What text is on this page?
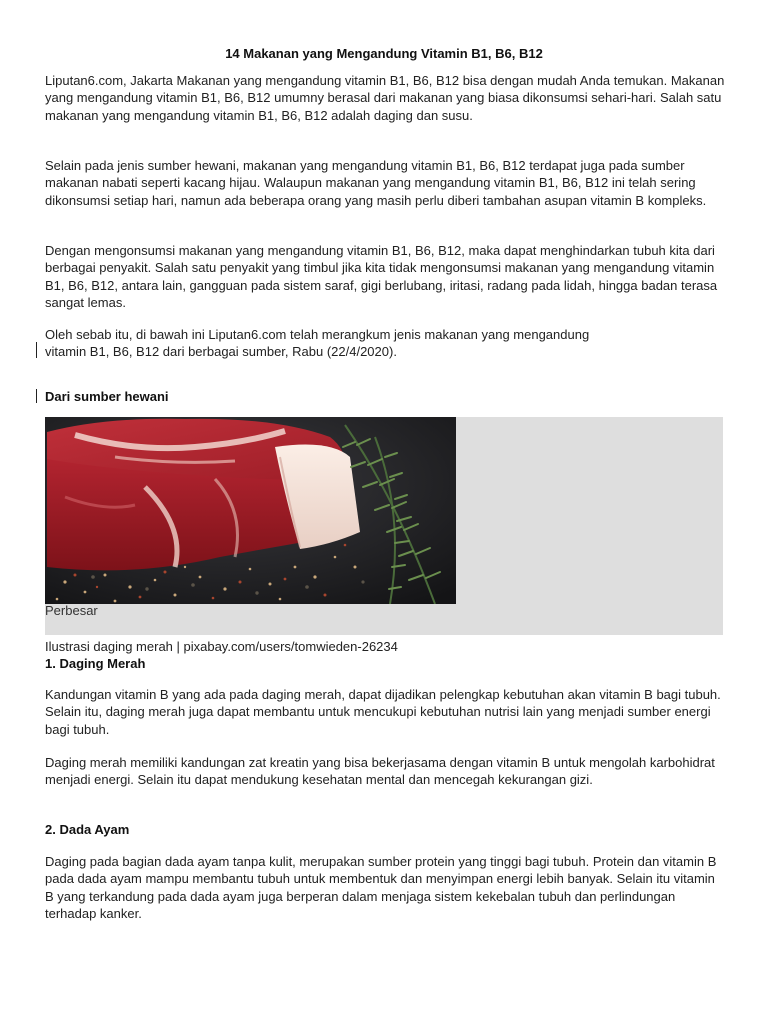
14 Makanan yang Mengandung Vitamin B1, B6, B12

Liputan6.com, Jakarta Makanan yang mengandung vitamin B1, B6, B12 bisa dengan mudah Anda temukan. Makanan yang mengandung vitamin B1, B6, B12 umumny berasal dari makanan yang biasa dikonsumsi sehari-hari. Salah satu makanan yang mengandung vitamin B1, B6, B12 adalah daging dan susu.

Selain pada jenis sumber hewani, makanan yang mengandung vitamin B1, B6, B12 terdapat juga pada sumber makanan nabati seperti kacang hijau. Walaupun makanan yang mengandung vitamin B1, B6, B12 ini telah sering dikonsumsi setiap hari, namun ada beberapa orang yang masih perlu diberi tambahan asupan vitamin B kompleks.

Dengan mengonsumsi makanan yang mengandung vitamin B1, B6, B12, maka dapat menghindarkan tubuh kita dari berbagai penyakit. Salah satu penyakit yang timbul jika kita tidak mengonsumsi makanan yang mengandung vitamin B1, B6, B12, antara lain, gangguan pada sistem saraf, gigi berlubang, iritasi, radang pada lidah, hingga badan terasa sangat lemas.

Oleh sebab itu, di bawah ini Liputan6.com telah merangkum jenis makanan yang mengandung vitamin B1, B6, B12 dari berbagai sumber, Rabu (22/4/2020).

Dari sumber hewani
Perbesar
Ilustrasi daging merah | pixabay.com/users/tomwieden-26234
1. Daging Merah

Kandungan vitamin B yang ada pada daging merah, dapat dijadikan pelengkap kebutuhan akan vitamin B bagi tubuh. Selain itu, daging merah juga dapat membantu untuk mencukupi kebutuhan nutrisi lain yang menjadi sumber energi bagi tubuh.

Daging merah memiliki kandungan zat kreatin yang bisa bekerjasama dengan vitamin B untuk mengolah karbohidrat menjadi energi. Selain itu dapat mendukung kesehatan mental dan mencegah kekurangan gizi.

2. Dada Ayam

Daging pada bagian dada ayam tanpa kulit, merupakan sumber protein yang tinggi bagi tubuh. Protein dan vitamin B pada dada ayam mampu membantu tubuh untuk membentuk dan menyimpan energi lebih banyak. Selain itu vitamin B yang terkandung pada dada ayam juga berperan dalam menjaga sistem kekebalan tubuh dan perlindungan terhadap kanker.
